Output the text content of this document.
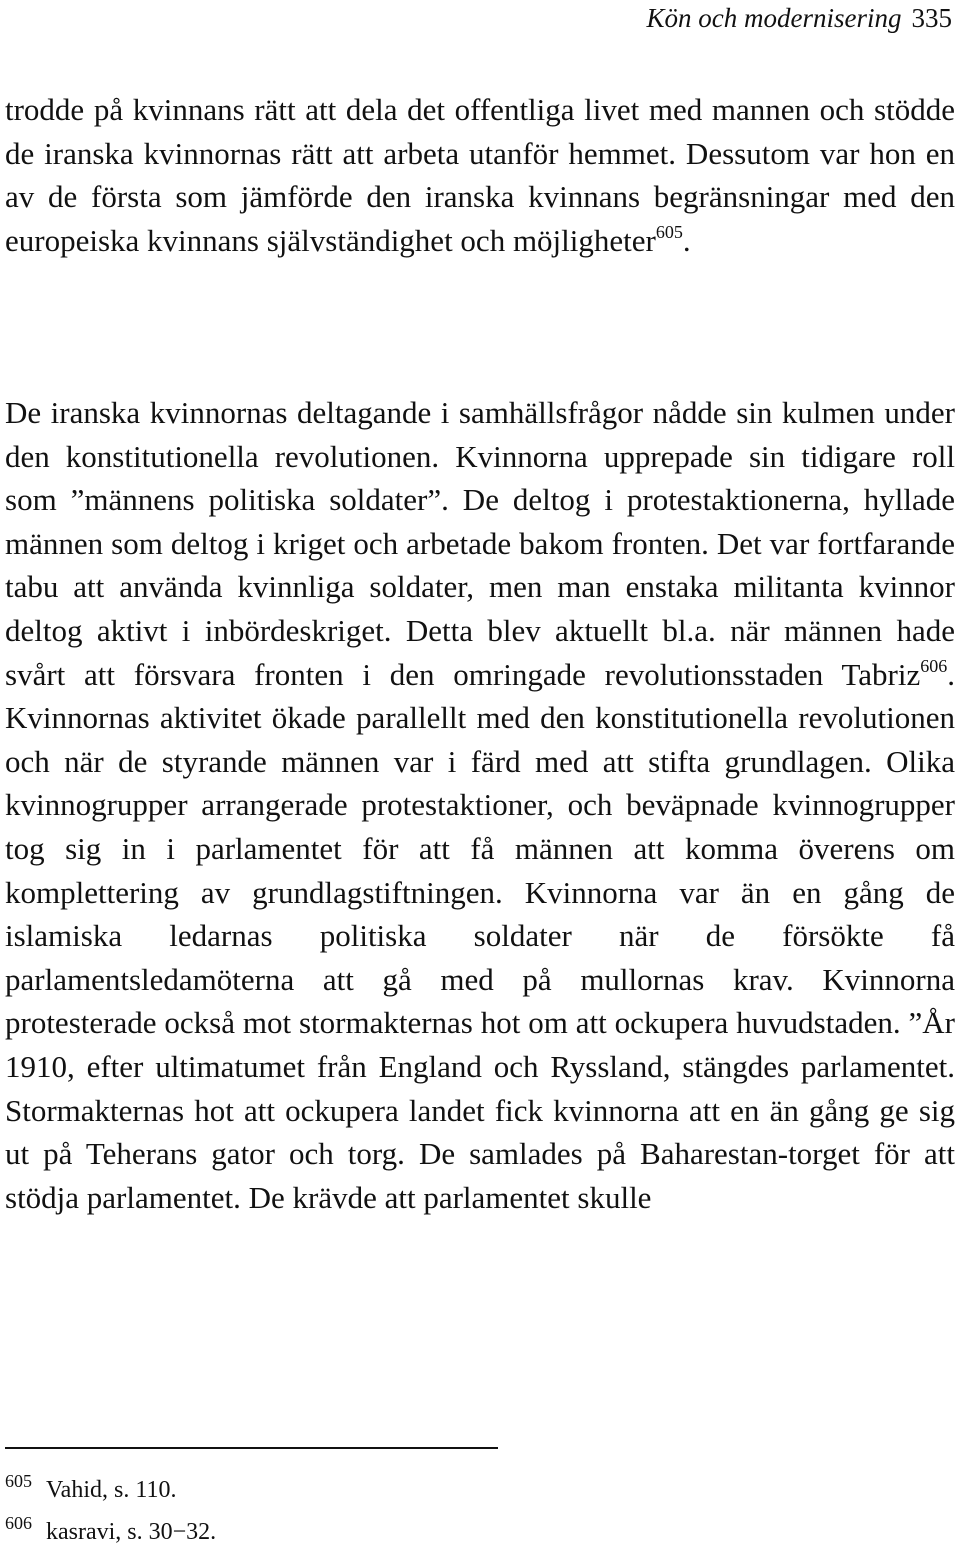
Kön och modernisering 335

trodde på kvinnans rätt att dela det offentliga livet med mannen och stödde de iranska kvinnornas rätt att arbeta utanför hemmet. Dessutom var hon en av de första som jämförde den iranska kvinnans begränsningar med den europeiska kvinnans självständighet och möjligheter$^{605}$.

De iranska kvinnornas deltagande i samhällsfrågor nådde sin kulmen under den konstitutionella revolutionen. Kvinnorna upprepade sin tidigare roll som ”männens politiska soldater”. De deltog i protestaktionerna, hyllade männen som deltog i kriget och arbetade bakom fronten. Det var fortfarande tabu att använda kvinnliga soldater, men man enstaka militanta kvinnor deltog aktivt i inbördeskriget. Detta blev aktuellt bl.a. när männen hade svårt att försvara fronten i den omringade revolutionsstaden Tabriz$^{606}$. Kvinnornas aktivitet ökade parallellt med den konstitutionella revolutionen och när de styrande männen var i färd med att stifta grundlagen. Olika kvinnogrupper arrangerade protestaktioner, och beväpnade kvinnogrupper tog sig in i parlamentet för att få männen att komma överens om komplettering av grundlagstiftningen. Kvinnorna var än en gång de islamiska ledarnas politiska soldater när de försökte få parlamentsledamöterna att gå med på mullornas krav. Kvinnorna protesterade också mot stormakternas hot om att ockupera huvudstaden. ”År 1910, efter ultimatumet från England och Ryssland, stängdes parlamentet. Stormakternas hot att ockupera landet fick kvinnorna att en än gång ge sig ut på Teherans gator och torg. De samlades på Baharestan-torget för att stödja parlamentet. De krävde att parlamentet skulle

$^{605}$ Vahid, s. 110.
$^{606}$ kasravi, s. 30−32.
